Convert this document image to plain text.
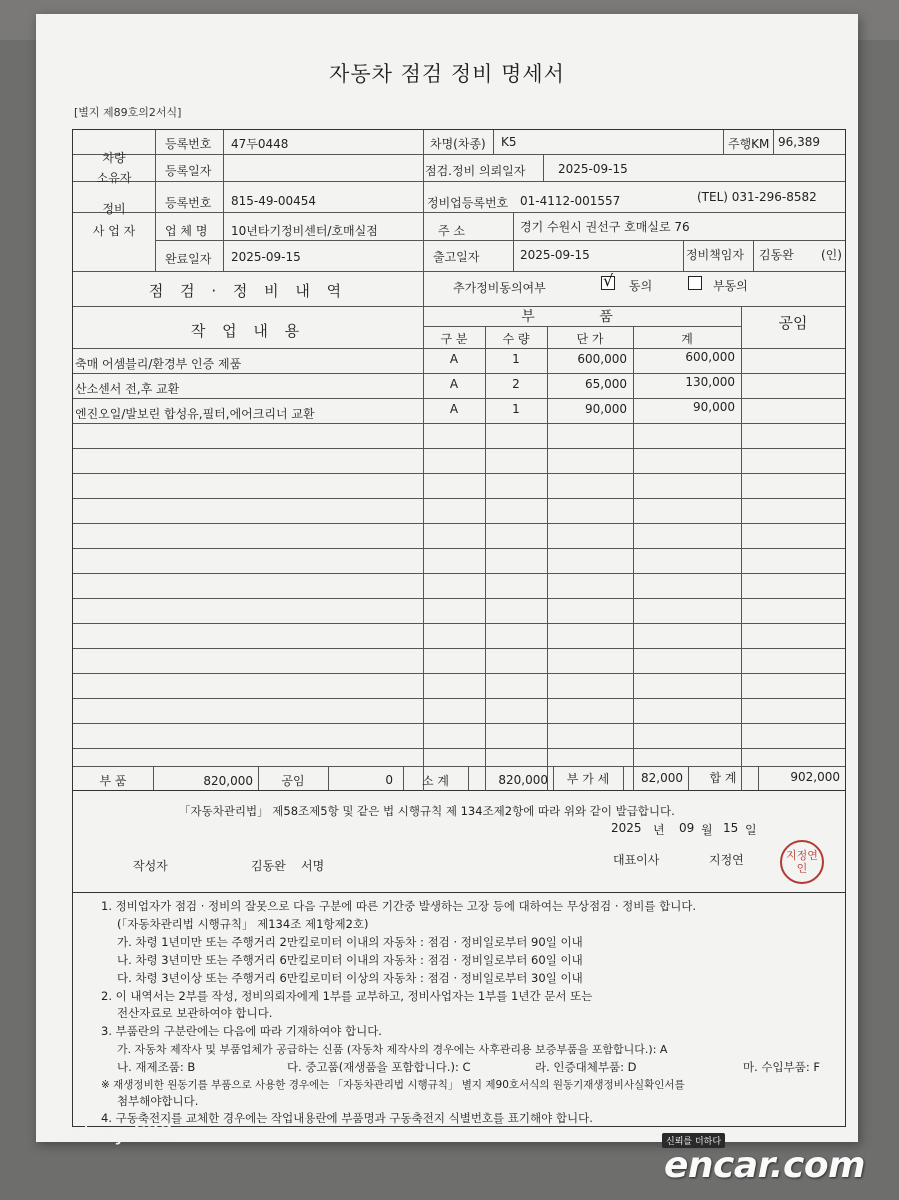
자동차 점검 정비 명세서
[별지 제89호의2서식]
차량
소유자
등록번호 47두0448	차명(차종) K5	주행KM 96,389
등록일자	점검.정비 의뢰일자	2025-09-15
정비
사 업 자
등록번호 815-49-00454	정비업등록번호 01-4112-001557	(TEL) 031-296-8582
업 체 명 10년타기정비센터/호매실점	주 소	경기 수원시 권선구 호매실로 76
완료일자 2025-09-15	출고일자	2025-09-15	정비책임자 김동완 (인)
점 검 · 정 비 내 역	추가정비동의여부
√	동의	부동의
작 업 내 용
부 품	공임
구 분	수 량	단 가	계
축매 어셈블리/환경부 인증 제품	A	1	600,000	600,000
산소센서 전,후 교환	A	2	65,000	130,000
엔진오일/발보린 합성유,필터,에어크리너 교환	A	1	90,000	90,000
부 품	820,000	공임	0	소 계	820,000	부 가 세	82,000	합 계	902,000
「자동차관리법」 제58조제5항 및 같은 법 시행규칙 제 134조제2항에 따라 위와 같이 발급합니다.
2025 년 09 월 15 일
작성자	김동완 서명	대표이사	지정연	지정연인
1. 정비업자가 점검 · 정비의 잘못으로 다음 구분에 따른 기간중 발생하는 고장 등에 대하여는 무상점검 · 정비를 합니다.
(「자동차관리법 시행규칙」 제134조 제1항제2호)
가. 차령 1년미만 또는 주행거리 2만킬로미터 이내의 자동차 : 점검 · 정비일로부터 90일 이내
나. 차령 3년미만 또는 주행거리 6만킬로미터 이내의 자동차 : 점검 · 정비일로부터 60일 이내
다. 차령 3년이상 또는 주행거리 6만킬로미터 이상의 자동차 : 점검 · 정비일로부터 30일 이내
2. 이 내역서는 2부를 작성, 정비의뢰자에게 1부를 교부하고, 정비사업자는 1부를 1년간 문서 또는
전산자료로 보관하여야 합니다.
3. 부품란의 구분란에는 다음에 따라 기재하여야 합니다.
가. 자동차 제작사 및 부품업체가 공급하는 신품 (자동차 제작사의 경우에는 사후관리용 보증부품을 포함합니다.): A
나. 재제조품: B	다. 중고품(재생품을 포함합니다.): C	라. 인증대체부품: D	마. 수입부품: F
※ 재생정비한 원동기를 부품으로 사용한 경우에는 「자동차관리법 시행규칙」 별지 제90호서식의 원동기재생정비사실확인서를
첨부해야합니다.
4. 구동축전지를 교체한 경우에는 작업내용란에 부품명과 구동축전지 식별번호를 표기해야 합니다.
Galaxy S22	신뢰를 더하다
encar.com
